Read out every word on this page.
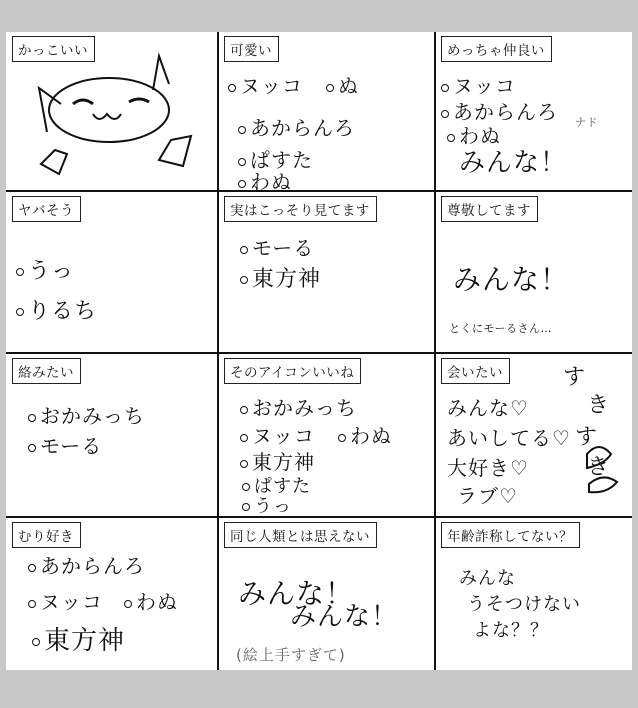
かっこいい	可愛い
ヌッコ	ぬ
あからんろ
ぱすた
わぬ
めっちゃ仲良い
ヌッコ
あからんろ
わぬ
みんな！
ナド
ヤバそう
うっ
りるち
実はこっそり見てます
モーる
東方神
尊敬してます
みんな！
とくにモーるさん…
絡みたい
おかみっち
モーる
そのアイコンいいね
おかみっち
ヌッコ	わぬ
東方神
ぱすた
うっ
会いたい
みんな♡
あいしてる♡
大好き♡
ラブ♡
す
き
す
き
むり好き
あからんろ
ヌッコ	わぬ
東方神
同じ人類とは思えない
みんな！
みんな！
(絵上手すぎて)
年齢詐称してない？
みんな
うそつけない
よな？？
